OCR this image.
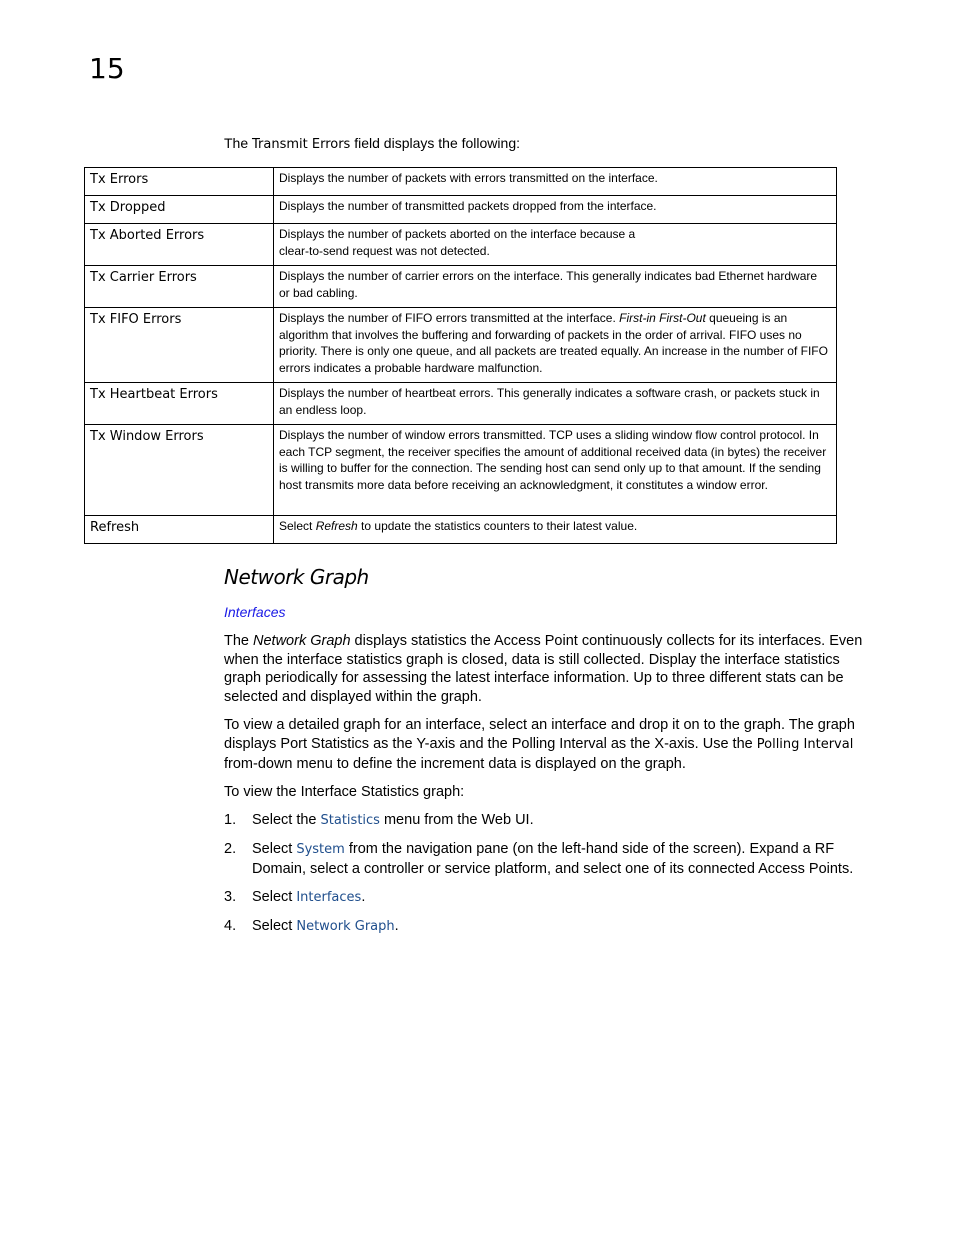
15
The Transmit Errors field displays the following:
Tx Errors	Displays the number of packets with errors transmitted on the interface.
Tx Dropped	Displays the number of transmitted packets dropped from the interface.
Tx Aborted Errors	Displays the number of packets aborted on the interface because a
clear-to-send request was not detected.
Tx Carrier Errors	Displays the number of carrier errors on the interface. This generally indicates bad Ethernet hardware or bad cabling.
Tx FIFO Errors	Displays the number of FIFO errors transmitted at the interface. First-in First-Out queueing is an algorithm that involves the buffering and forwarding of packets in the order of arrival. FIFO uses no priority. There is only one queue, and all packets are treated equally. An increase in the number of FIFO errors indicates a probable hardware malfunction.
Tx Heartbeat Errors	Displays the number of heartbeat errors. This generally indicates a software crash, or packets stuck in an endless loop.
Tx Window Errors	Displays the number of window errors transmitted. TCP uses a sliding window flow control protocol. In each TCP segment, the receiver specifies the amount of additional received data (in bytes) the receiver is willing to buffer for the connection. The sending host can send only up to that amount. If the sending host transmits more data before receiving an acknowledgment, it constitutes a window error.
Refresh	Select Refresh to update the statistics counters to their latest value.
Network Graph
Interfaces

The Network Graph displays statistics the Access Point continuously collects for its interfaces. Even when the interface statistics graph is closed, data is still collected. Display the interface statistics graph periodically for assessing the latest interface information. Up to three different stats can be selected and displayed within the graph.

To view a detailed graph for an interface, select an interface and drop it on to the graph. The graph displays Port Statistics as the Y-axis and the Polling Interval as the X-axis. Use the Polling Interval from-down menu to define the increment data is displayed on the graph.

To view the Interface Statistics graph:

1. Select the Statistics menu from the Web UI.
2. Select System from the navigation pane (on the left-hand side of the screen). Expand a RF Domain, select a controller or service platform, and select one of its connected Access Points.
3. Select Interfaces.
4. Select Network Graph.
